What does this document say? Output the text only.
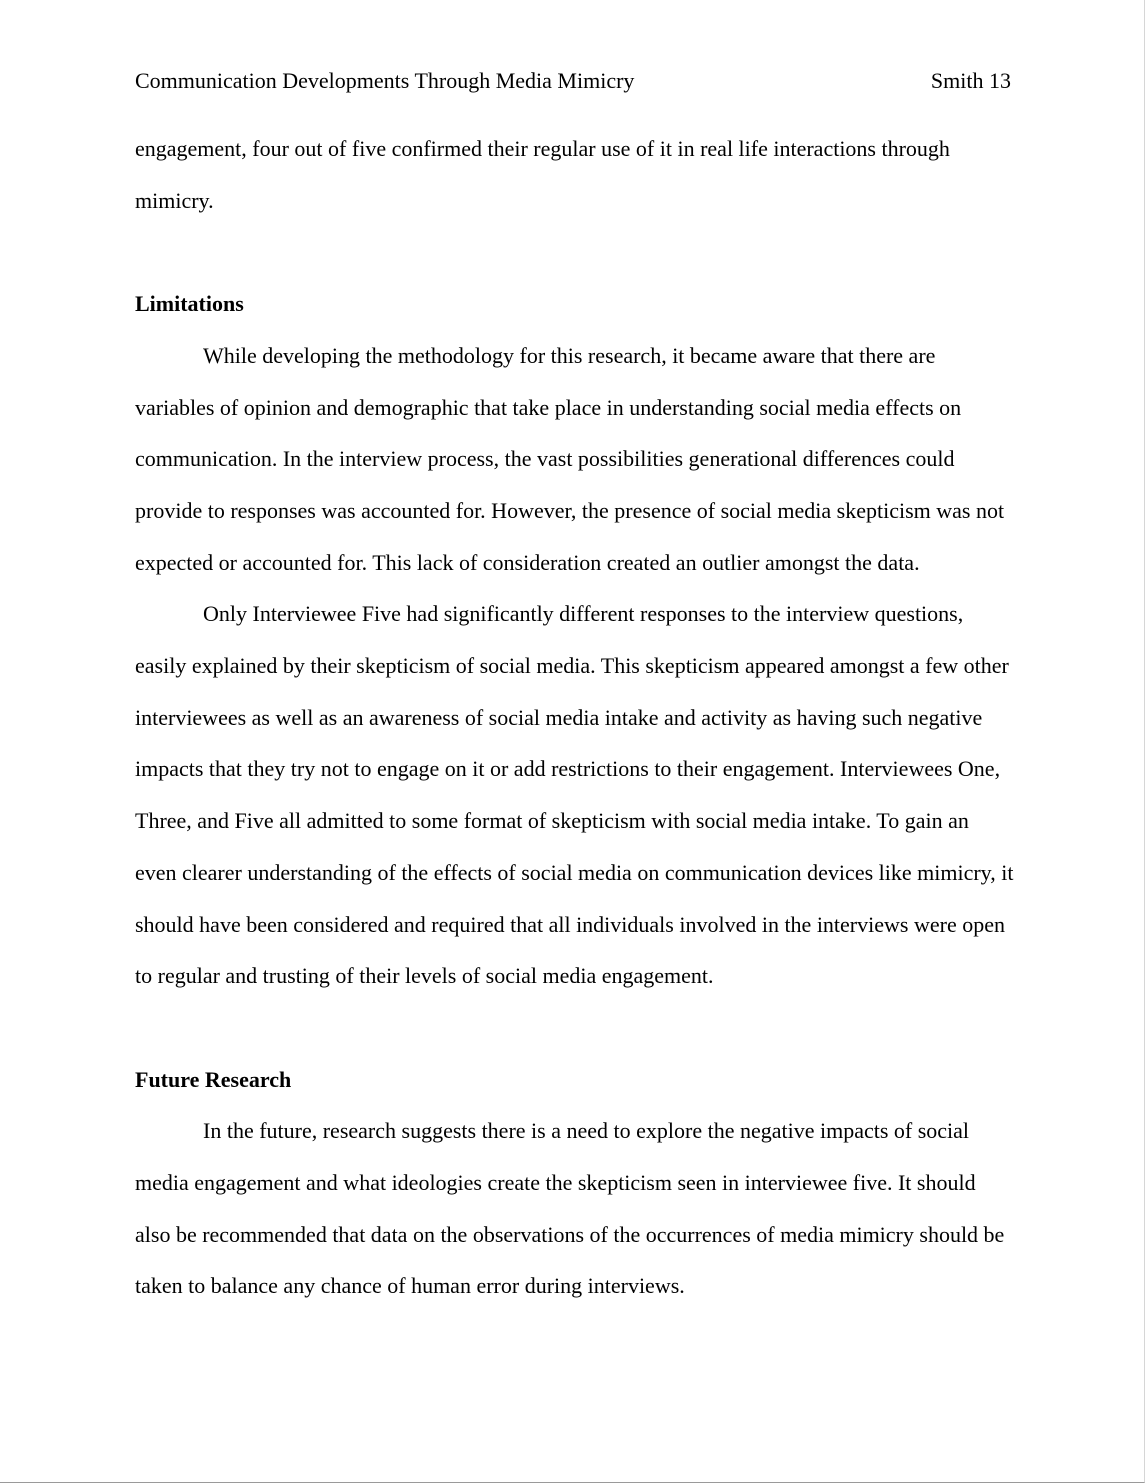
Communication Developments Through Media Mimicry	Smith 13

engagement, four out of five confirmed their regular use of it in real life interactions through mimicry.

Limitations

While developing the methodology for this research, it became aware that there are variables of opinion and demographic that take place in understanding social media effects on communication. In the interview process, the vast possibilities generational differences could provide to responses was accounted for. However, the presence of social media skepticism was not expected or accounted for. This lack of consideration created an outlier amongst the data.

Only Interviewee Five had significantly different responses to the interview questions, easily explained by their skepticism of social media. This skepticism appeared amongst a few other interviewees as well as an awareness of social media intake and activity as having such negative impacts that they try not to engage on it or add restrictions to their engagement. Interviewees One, Three, and Five all admitted to some format of skepticism with social media intake. To gain an even clearer understanding of the effects of social media on communication devices like mimicry, it should have been considered and required that all individuals involved in the interviews were open to regular and trusting of their levels of social media engagement.

Future Research

In the future, research suggests there is a need to explore the negative impacts of social media engagement and what ideologies create the skepticism seen in interviewee five. It should also be recommended that data on the observations of the occurrences of media mimicry should be taken to balance any chance of human error during interviews.
